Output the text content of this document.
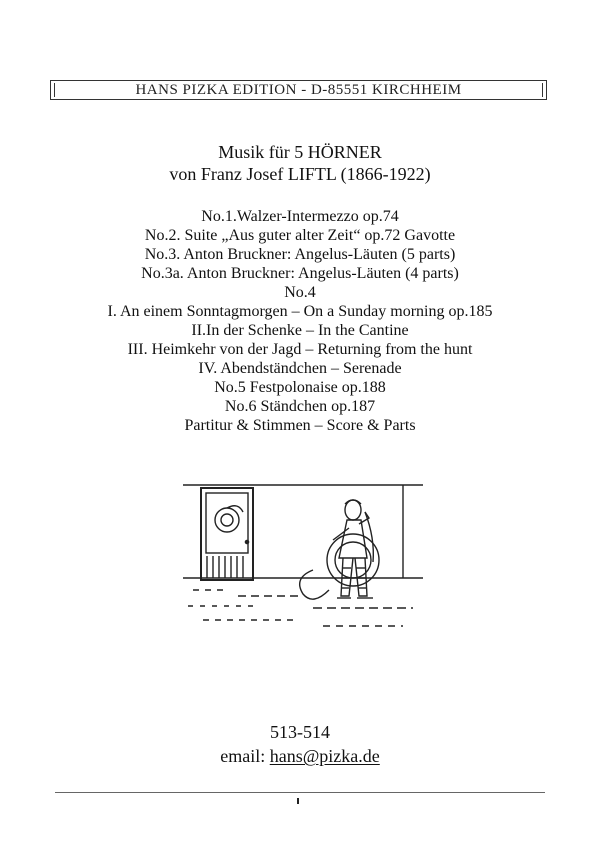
HANS PIZKA EDITION - D-85551 KIRCHHEIM
Musik für 5 HÖRNER
von Franz Josef LIFTL (1866-1922)
No.1.Walzer-Intermezzo op.74
No.2. Suite „Aus guter alter Zeit“ op.72 Gavotte
No.3. Anton Bruckner: Angelus-Läuten (5 parts)
No.3a. Anton Bruckner: Angelus-Läuten (4 parts)
No.4
I. An einem Sonntagmorgen – On a Sunday morning op.185
II.In der Schenke – In the Cantine
III. Heimkehr von der Jagd – Returning from the hunt
IV. Abendständchen – Serenade
No.5 Festpolonaise op.188
No.6 Ständchen op.187
Partitur & Stimmen – Score & Parts
513-514
email: hans@pizka.de
